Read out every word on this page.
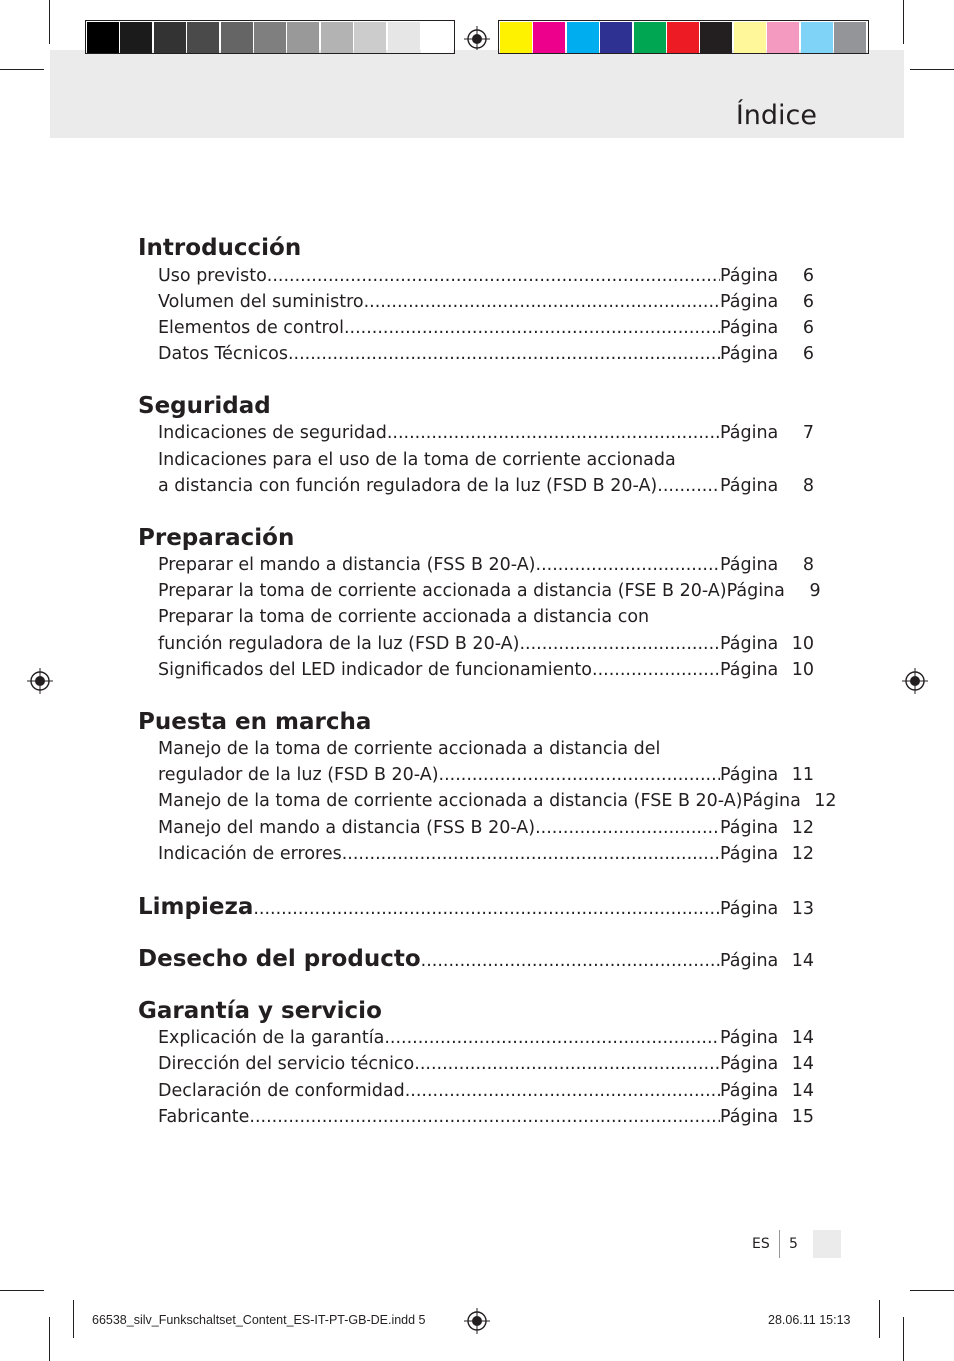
Índice
Introducción
Uso previsto .....	Página	6
Volumen del suministro .....	Página	6
Elementos de control .....	Página	6
Datos Técnicos .....	Página	6
Seguridad
Indicaciones de seguridad .....	Página	7
Indicaciones para el uso de la toma de corriente accionada
a distancia con función reguladora de la luz (FSD B 20-A) .....	Página	8
Preparación
Preparar el mando a distancia (FSS B 20-A) .....	Página	8
Preparar la toma de corriente accionada a distancia (FSE B 20-A) Página	9
Preparar la toma de corriente accionada a distancia con
función reguladora de la luz (FSD B 20-A) .....	Página 10
Significados del LED indicador de funcionamiento .....	Página 10
Puesta en marcha
Manejo de la toma de corriente accionada a distancia del
regulador de la luz (FSD B 20-A) .....	Página 11
Manejo de la toma de corriente accionada a distancia (FSE B 20-A) Página 12
Manejo del mando a distancia (FSS B 20-A) .....	Página 12
Indicación de errores .....	Página 12
Limpieza .....	Página 13
Desecho del producto .....	Página 14
Garantía y servicio
Explicación de la garantía .....	Página 14
Dirección del servicio técnico .....	Página 14
Declaración de conformidad .....	Página 14
Fabricante .....	Página 15
ES 5
66538_silv_Funkschaltset_Content_ES-IT-PT-GB-DE.indd 5	28.06.11 15:13
